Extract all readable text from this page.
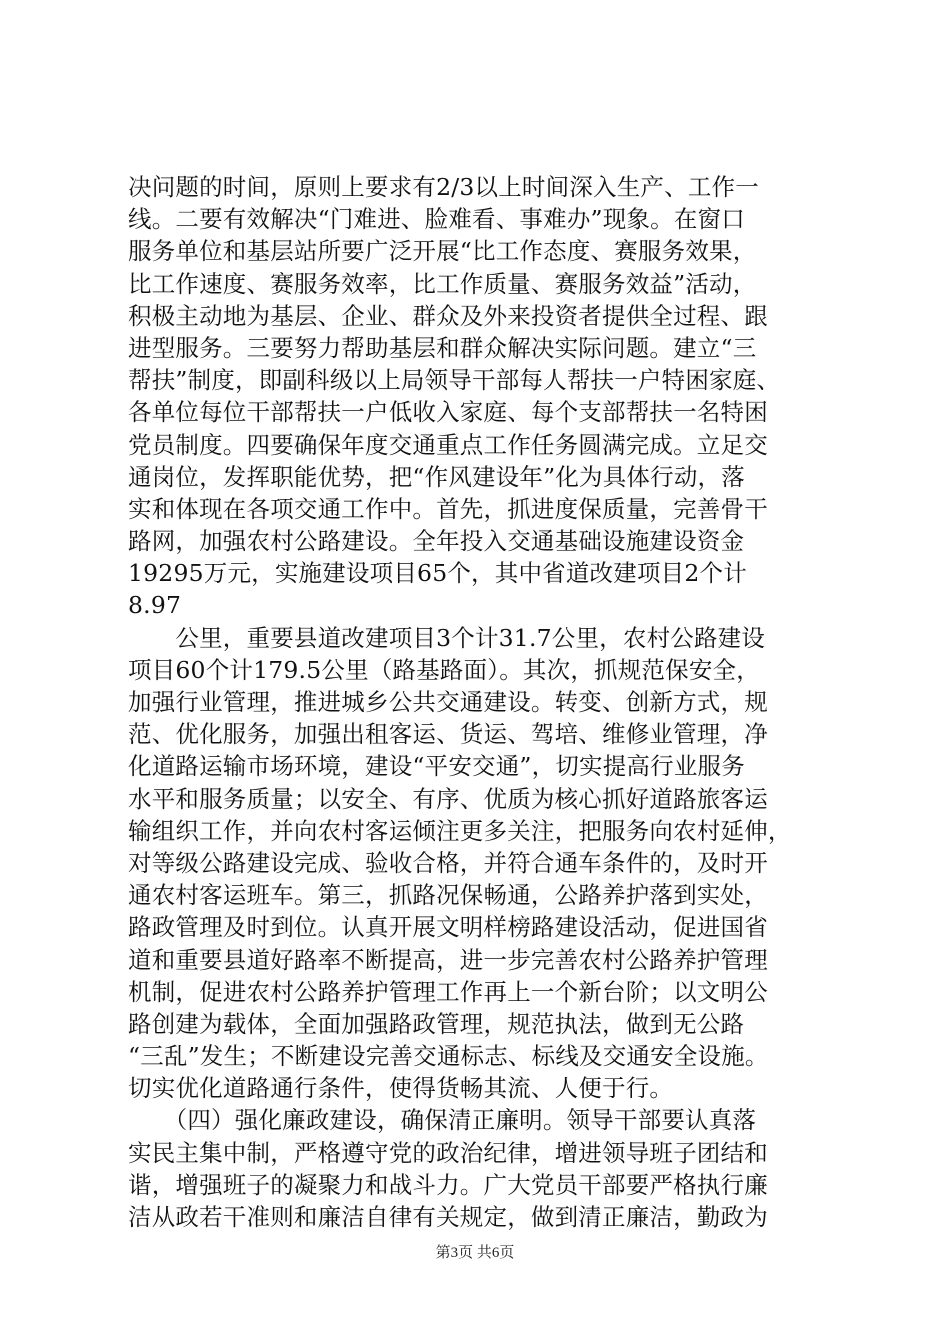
决问题的时间，原则上要求有2/3以上时间深入生产、工作一
线。二要有效解决“门难进、脸难看、事难办”现象。在窗口
服务单位和基层站所要广泛开展“比工作态度、赛服务效果，
比工作速度、赛服务效率，比工作质量、赛服务效益”活动，
积极主动地为基层、企业、群众及外来投资者提供全过程、跟
进型服务。三要努力帮助基层和群众解决实际问题。建立“三
帮扶”制度，即副科级以上局领导干部每人帮扶一户特困家庭、
各单位每位干部帮扶一户低收入家庭、每个支部帮扶一名特困
党员制度。四要确保年度交通重点工作任务圆满完成。立足交
通岗位，发挥职能优势，把“作风建设年”化为具体行动，落
实和体现在各项交通工作中。首先，抓进度保质量，完善骨干
路网，加强农村公路建设。全年投入交通基础设施建设资金
19295万元，实施建设项目65个，其中省道改建项目2个计
8.97
　　公里，重要县道改建项目3个计31.7公里，农村公路建设
项目60个计179.5公里（路基路面）。其次，抓规范保安全，
加强行业管理，推进城乡公共交通建设。转变、创新方式，规
范、优化服务，加强出租客运、货运、驾培、维修业管理，净
化道路运输市场环境，建设“平安交通”，切实提高行业服务
水平和服务质量；以安全、有序、优质为核心抓好道路旅客运
输组织工作，并向农村客运倾注更多关注，把服务向农村延伸，
对等级公路建设完成、验收合格，并符合通车条件的，及时开
通农村客运班车。第三，抓路况保畅通，公路养护落到实处，
路政管理及时到位。认真开展文明样榜路建设活动，促进国省
道和重要县道好路率不断提高，进一步完善农村公路养护管理
机制，促进农村公路养护管理工作再上一个新台阶；以文明公
路创建为载体，全面加强路政管理，规范执法，做到无公路
“三乱”发生；不断建设完善交通标志、标线及交通安全设施。
切实优化道路通行条件，使得货畅其流、人便于行。
　　（四）强化廉政建设，确保清正廉明。领导干部要认真落
实民主集中制，严格遵守党的政治纪律，增进领导班子团结和
谐，增强班子的凝聚力和战斗力。广大党员干部要严格执行廉
洁从政若干准则和廉洁自律有关规定，做到清正廉洁，勤政为
第3页 共6页
